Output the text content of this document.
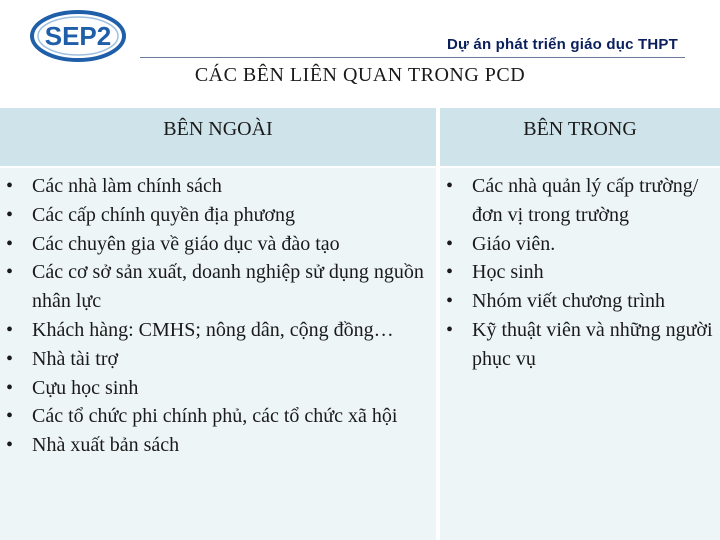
SEP2	Dự án phát triển giáo dục THPT
CÁC BÊN LIÊN QUAN TRONG PCD
BÊN NGOÀI	BÊN TRONG
• Các nhà làm chính sách
• Các cấp chính quyền địa phương
• Các chuyên gia về giáo dục và đào tạo
• Các cơ sở sản xuất, doanh nghiệp sử dụng nguồn nhân lực
• Khách hàng: CMHS; nông dân, cộng đồng…
• Nhà tài trợ
• Cựu học sinh
• Các tổ chức phi chính phủ, các tổ chức xã hội
• Nhà xuất bản sách
• Các nhà quản lý cấp trường/đơn vị trong trường
• Giáo viên.
• Học sinh
• Nhóm viết chương trình
• Kỹ thuật viên và những người phục vụ
